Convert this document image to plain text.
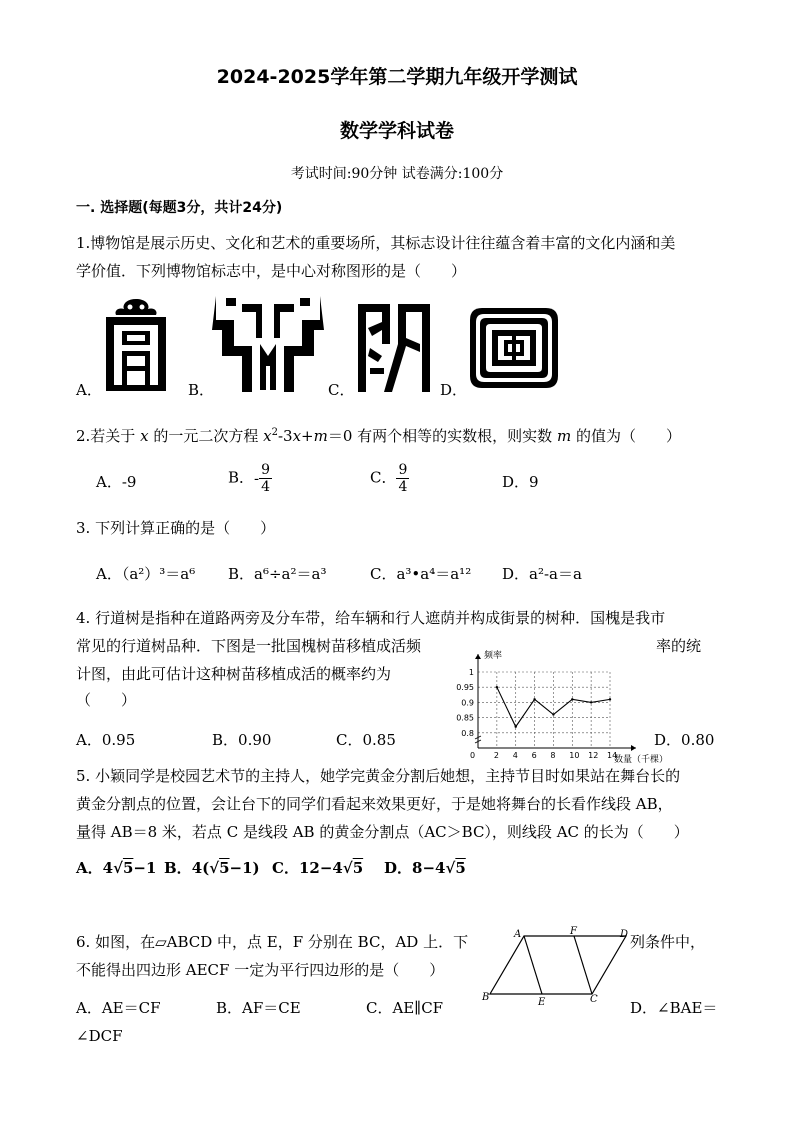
2024-2025学年第二学期九年级开学测试
数学学科试卷
考试时间:90分钟 试卷满分:100分
一. 选择题(每题3分，共计24分)
1.博物馆是展示历史、文化和艺术的重要场所，其标志设计往往蕴含着丰富的文化内涵和美
学价值．下列博物馆标志中，是中心对称图形的是（　　）
A．	B．	C．	D．
2.若关于 x 的一元二次方程 $x^2-3x+m=0$ 有两个相等的实数根，则实数 m 的值为（　　）
A．-9	B．- $\frac{9}{4}$	C． $\frac{9}{4}$	D．9
3. 下列计算正确的是（　　）
A．（a²）³＝a⁶ B．a⁶÷a²＝a³	C．a³•a⁴＝a¹² D．a²-a＝a
4. 行道树是指种在道路两旁及分车带，给车辆和行人遮荫并构成街景的树种．国槐是我市
常见的行道树品种．下图是一批国槐树苗移植成活频	率的统
计图，由此可估计这种树苗移植成活的概率约为
（　　）
A．0.95	B．0.90	C．0.85	D．0.80
0 2 4 6 8 10 12 14
0.8
0.85
0.9
0.95
1
频率
数量（千棵）
5. 小颖同学是校园艺术节的主持人，她学完黄金分割后她想，主持节目时如果站在舞台长的
黄金分割点的位置，会让台下的同学们看起来效果更好，于是她将舞台的长看作线段 AB，
量得 AB＝8 米，若点 C 是线段 AB 的黄金分割点（AC＞BC），则线段 AC 的长为（　　）
A．4√5−1 B．4(√5−1) C．12−4√5 D．8−4√5
6. 如图，在▱ABCD 中，点 E，F 分别在 BC，AD 上．下	列条件中，
不能得出四边形 AECF 一定为平行四边形的是（　　）
A．AE＝CF	B．AF＝CE	C．AE∥CF	D．∠BAE＝
∠DCF
A	F	D
B	E	C
